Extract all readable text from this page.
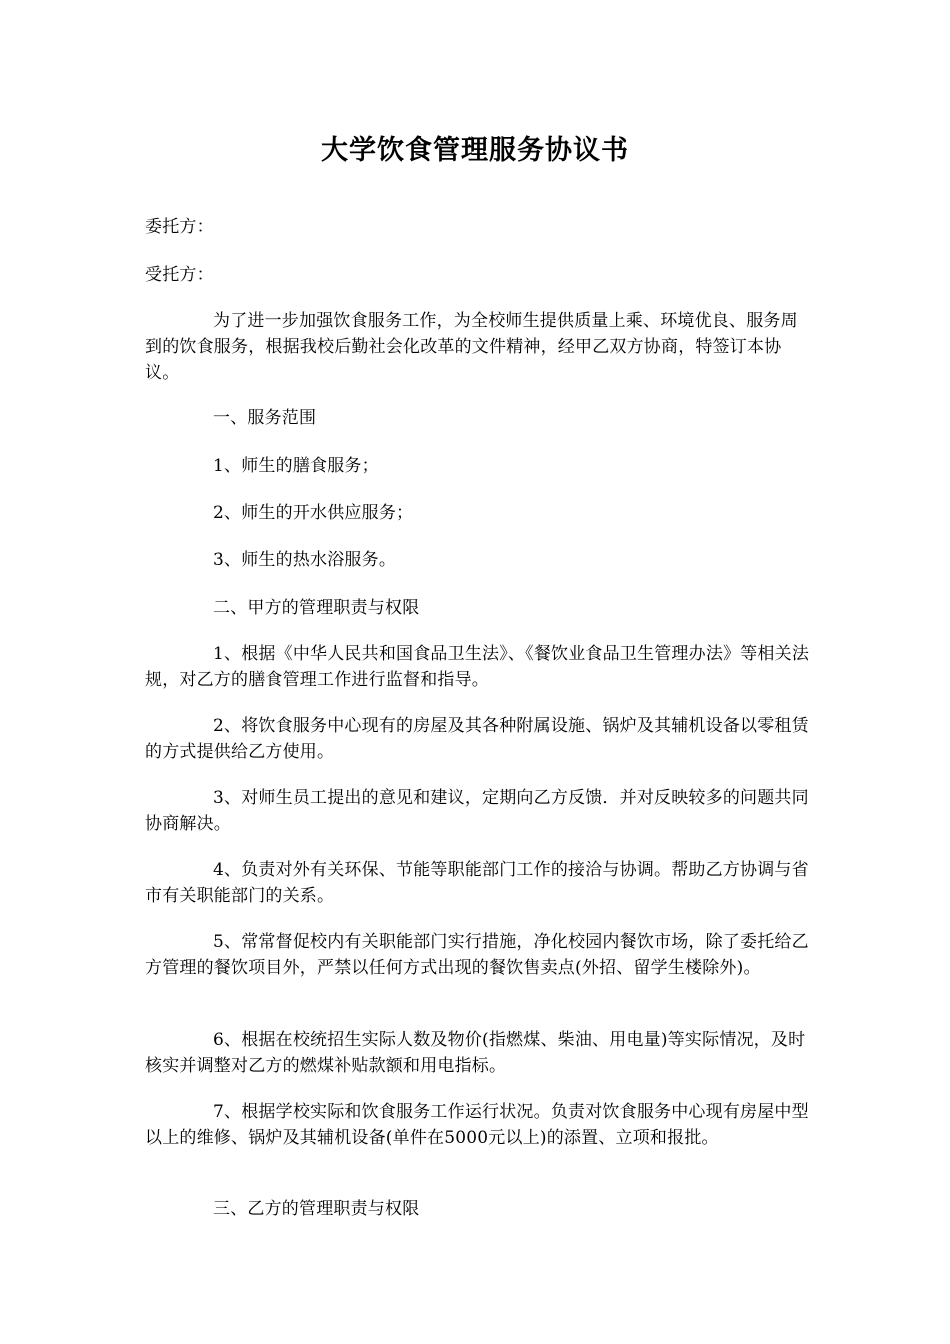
大学饮食管理服务协议书

委托方：

受托方：

为了进一步加强饮食服务工作，为全校师生提供质量上乘、环境优良、服务周到的饮食服务，根据我校后勤社会化改革的文件精神，经甲乙双方协商，特签订本协议。

一、服务范围

1、师生的膳食服务；

2、师生的开水供应服务；

3、师生的热水浴服务。

二、甲方的管理职责与权限

1、根据《中华人民共和国食品卫生法》、《餐饮业食品卫生管理办法》等相关法规，对乙方的膳食管理工作进行监督和指导。

2、将饮食服务中心现有的房屋及其各种附属设施、锅炉及其辅机设备以零租赁的方式提供给乙方使用。

3、对师生员工提出的意见和建议，定期向乙方反馈．并对反映较多的问题共同协商解决。

4、负责对外有关环保、节能等职能部门工作的接洽与协调。帮助乙方协调与省市有关职能部门的关系。

5、常常督促校内有关职能部门实行措施，净化校园内餐饮市场，除了委托给乙方管理的餐饮项目外，严禁以任何方式出现的餐饮售卖点(外招、留学生楼除外)。

6、根据在校统招生实际人数及物价(指燃煤、柴油、用电量)等实际情况，及时核实并调整对乙方的燃煤补贴款额和用电指标。

7、根据学校实际和饮食服务工作运行状况。负责对饮食服务中心现有房屋中型以上的维修、锅炉及其辅机设备(单件在5000元以上)的添置、立项和报批。

三、乙方的管理职责与权限
